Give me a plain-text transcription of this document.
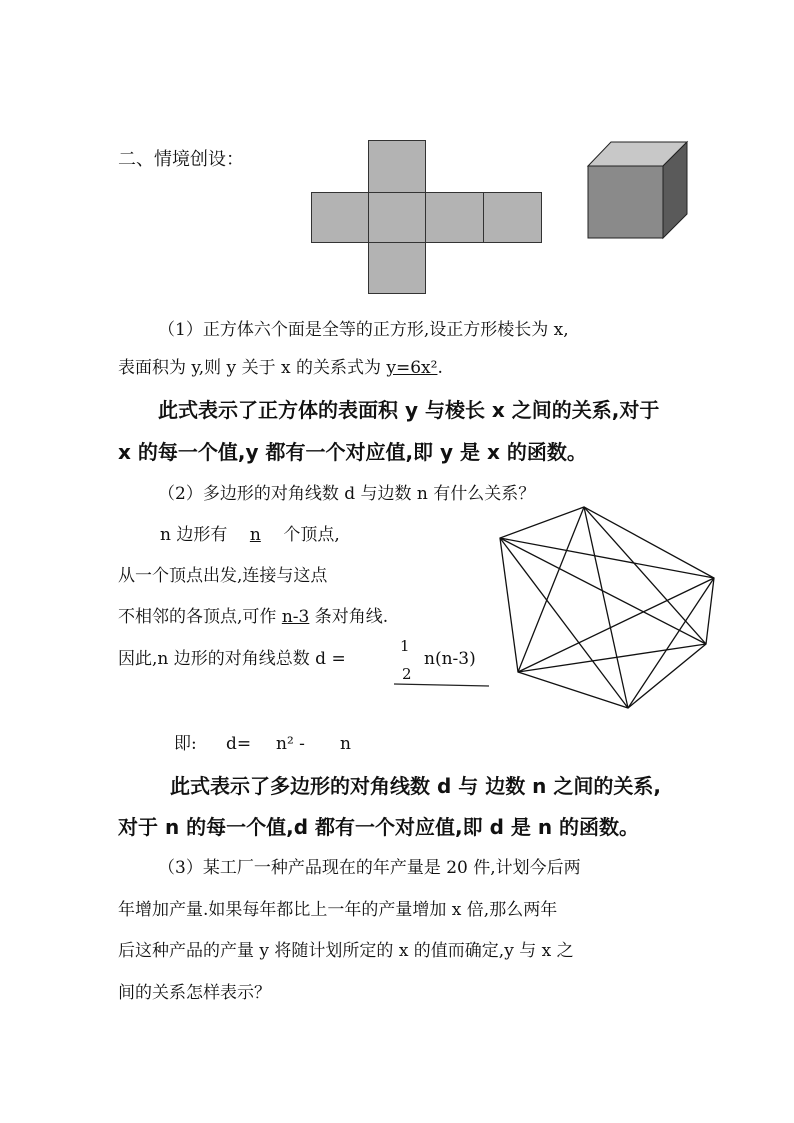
二、情境创设：
（1）正方体六个面是全等的正方形,设正方形棱长为 x,
表面积为 y,则 y 关于 x 的关系式为 y=6x².
此式表示了正方体的表面积 y 与棱长 x 之间的关系,对于
x 的每一个值,y 都有一个对应值,即 y 是 x 的函数。
（2）多边形的对角线数 d 与边数 n 有什么关系？
n 边形有 n 个顶点,
从一个顶点出发,连接与这点
不相邻的各顶点,可作 n-3 条对角线.
因此,n 边形的对角线总数 d =
1
2
n(n-3)
即: d= n² - n
此式表示了多边形的对角线数 d 与 边数 n 之间的关系,
对于 n 的每一个值,d 都有一个对应值,即 d 是 n 的函数。
（3）某工厂一种产品现在的年产量是 20 件,计划今后两
年增加产量.如果每年都比上一年的产量增加 x 倍,那么两年
后这种产品的产量 y 将随计划所定的 x 的值而确定,y 与 x 之
间的关系怎样表示？
